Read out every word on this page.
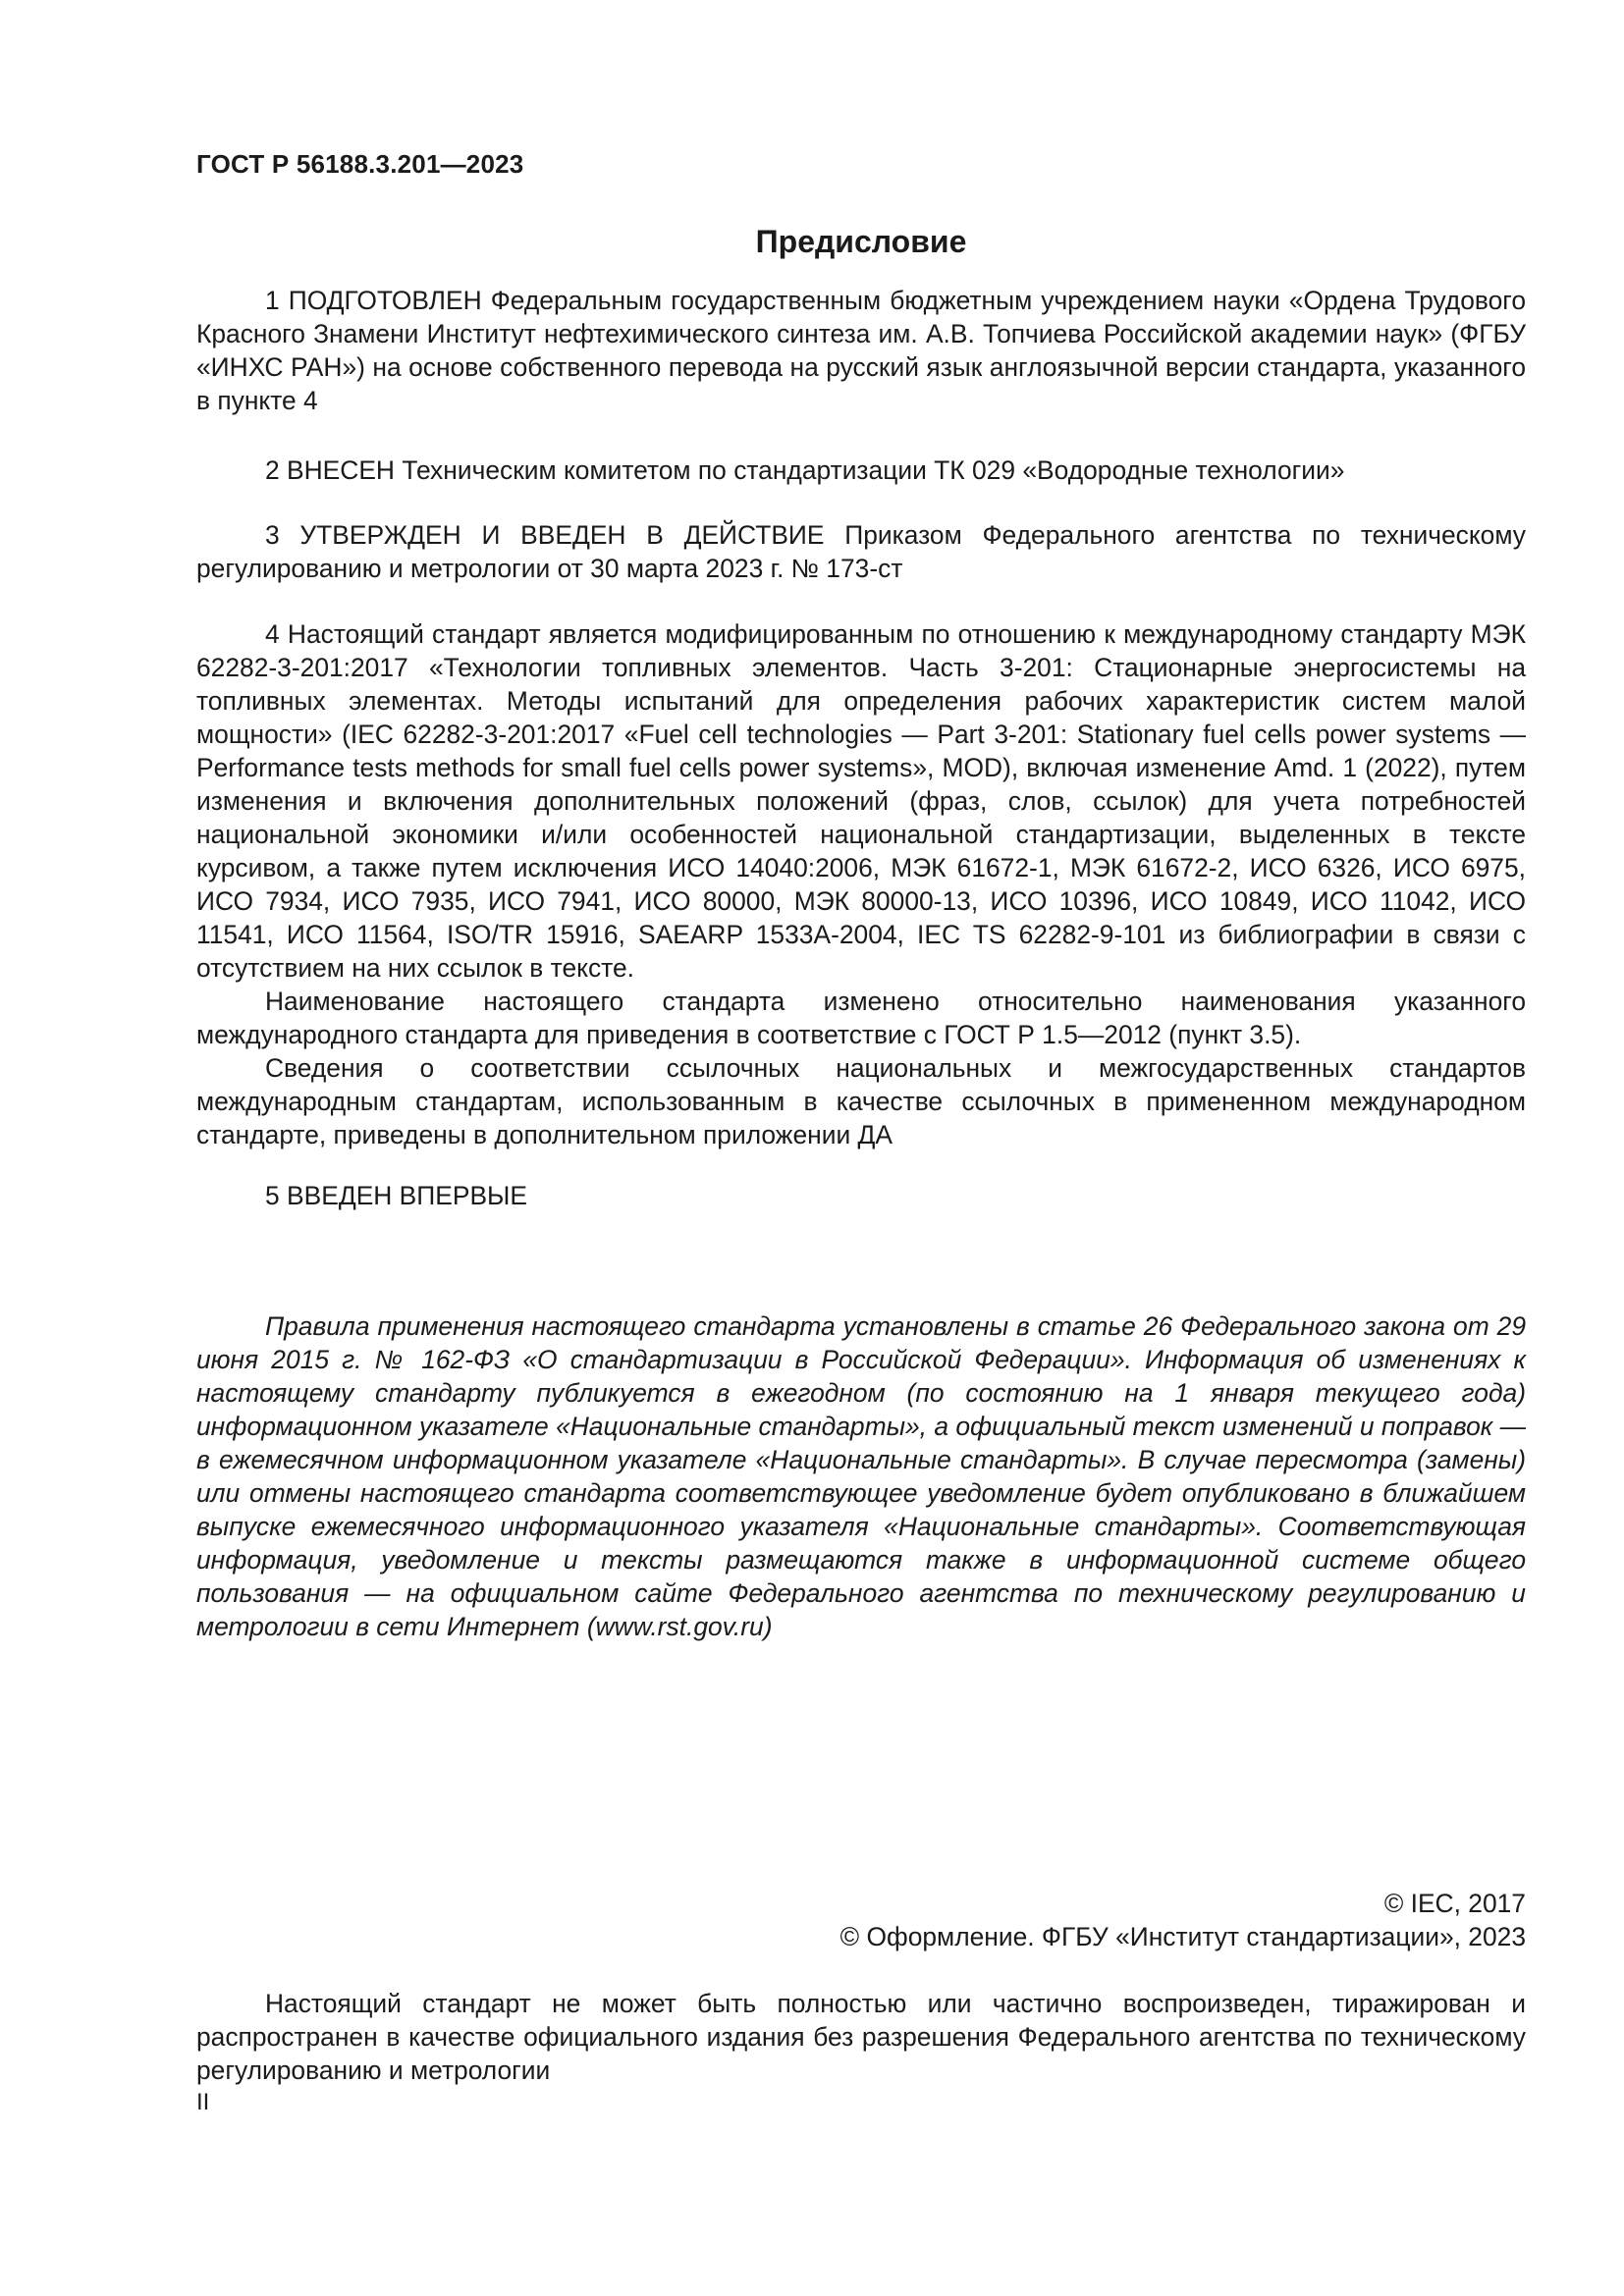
ГОСТ Р 56188.3.201—2023
Предисловие

1 ПОДГОТОВЛЕН Федеральным государственным бюджетным учреждением науки «Ордена Трудового Красного Знамени Институт нефтехимического синтеза им. А.В. Топчиева Российской академии наук» (ФГБУ «ИНХС РАН») на основе собственного перевода на русский язык англоязычной версии стандарта, указанного в пункте 4

2 ВНЕСЕН Техническим комитетом по стандартизации ТК 029 «Водородные технологии»

3 УТВЕРЖДЕН И ВВЕДЕН В ДЕЙСТВИЕ Приказом Федерального агентства по техническому регулированию и метрологии от 30 марта 2023 г. № 173-ст

4 Настоящий стандарт является модифицированным по отношению к международному стандарту МЭК 62282-3-201:2017 «Технологии топливных элементов. Часть 3-201: Стационарные энергосистемы на топливных элементах. Методы испытаний для определения рабочих характеристик систем малой мощности» (IEC 62282-3-201:2017 «Fuel cell technologies — Part 3-201: Stationary fuel cells power systems — Performance tests methods for small fuel cells power systems», MOD), включая изменение Amd. 1 (2022), путем изменения и включения дополнительных положений (фраз, слов, ссылок) для учета потребностей национальной экономики и/или особенностей национальной стандартизации, выделенных в тексте курсивом, а также путем исключения ИСО 14040:2006, МЭК 61672-1, МЭК 61672-2, ИСО 6326, ИСО 6975, ИСО 7934, ИСО 7935, ИСО 7941, ИСО 80000, МЭК 80000-13, ИСО 10396, ИСО 10849, ИСО 11042, ИСО 11541, ИСО 11564, ISO/TR 15916, SAEARP 1533A-2004, IEC TS 62282-9-101 из библиографии в связи с отсутствием на них ссылок в тексте.

Наименование настоящего стандарта изменено относительно наименования указанного международного стандарта для приведения в соответствие с ГОСТ Р 1.5—2012 (пункт 3.5).

Сведения о соответствии ссылочных национальных и межгосударственных стандартов международным стандартам, использованным в качестве ссылочных в примененном международном стандарте, приведены в дополнительном приложении ДА

5 ВВЕДЕН ВПЕРВЫЕ

Правила применения настоящего стандарта установлены в статье 26 Федерального закона от 29 июня 2015 г. № 162-ФЗ «О стандартизации в Российской Федерации». Информация об изменениях к настоящему стандарту публикуется в ежегодном (по состоянию на 1 января текущего года) информационном указателе «Национальные стандарты», а официальный текст изменений и поправок — в ежемесячном информационном указателе «Национальные стандарты». В случае пересмотра (замены) или отмены настоящего стандарта соответствующее уведомление будет опубликовано в ближайшем выпуске ежемесячного информационного указателя «Национальные стандарты». Соответствующая информация, уведомление и тексты размещаются также в информационной системе общего пользования — на официальном сайте Федерального агентства по техническому регулированию и метрологии в сети Интернет (www.rst.gov.ru)

© IEC, 2017
© Оформление. ФГБУ «Институт стандартизации», 2023

Настоящий стандарт не может быть полностью или частично воспроизведен, тиражирован и распространен в качестве официального издания без разрешения Федерального агентства по техническому регулированию и метрологии

II
